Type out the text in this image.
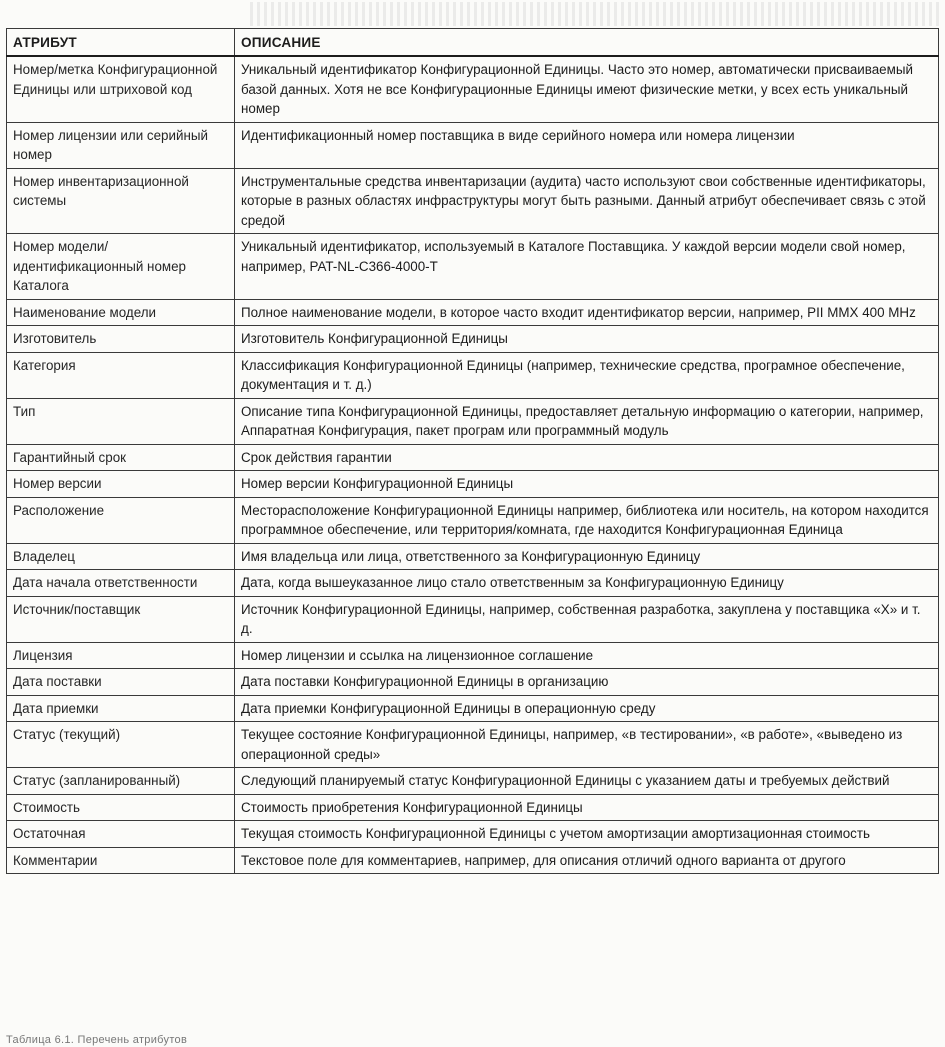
АТРИБУТ	ОПИСАНИЕ
Номер/метка Конфигурационной Единицы или штриховой код	Уникальный идентификатор Конфигурационной Единицы. Часто это номер, автоматически присваиваемый базой данных. Хотя не все Конфигурационные Единицы имеют физические метки, у всех есть уникальный номер
Номер лицензии или серийный номер	Идентификационный номер поставщика в виде серийного номера или номера лицензии
Номер инвентаризационной системы	Инструментальные средства инвентаризации (аудита) часто используют свои собственные идентификаторы, которые в разных областях инфраструктуры могут быть разными. Данный атрибут обеспечивает связь с этой средой
Номер модели/ идентификационный номер Каталога	Уникальный идентификатор, используемый в Каталоге Поставщика. У каждой версии модели свой номер, например, PAT-NL-C366-4000-T
Наименование модели	Полное наименование модели, в которое часто входит идентификатор версии, например, PII MMX 400 MHz
Изготовитель	Изготовитель Конфигурационной Единицы
Категория	Классификация Конфигурационной Единицы (например, технические средства, програмное обеспечение, документация и т. д.)
Тип	Описание типа Конфигурационной Единицы, предоставляет детальную информацию о категории, например, Аппаратная Конфигурация, пакет програм или программный модуль
Гарантийный срок	Срок действия гарантии
Номер версии	Номер версии Конфигурационной Единицы
Расположение	Месторасположение Конфигурационной Единицы например, библиотека или носитель, на котором находится программное обеспечение, или территория/комната, где находится Конфигурационная Единица
Владелец	Имя владельца или лица, ответственного за Конфигурационную Единицу
Дата начала ответственности	Дата, когда вышеуказанное лицо стало ответственным за Конфигурационную Единицу
Источник/поставщик	Источник Конфигурационной Единицы, например, собственная разработка, закуплена у поставщика «Х» и т. д.
Лицензия	Номер лицензии и ссылка на лицензионное соглашение
Дата поставки	Дата поставки Конфигурационной Единицы в организацию
Дата приемки	Дата приемки Конфигурационной Единицы в операционную среду
Статус (текущий)	Текущее состояние Конфигурационной Единицы, например, «в тестировании», «в работе», «выведено из операционной среды»
Статус (запланированный)	Следующий планируемый статус Конфигурационной Единицы с указанием даты и требуемых действий
Стоимость	Стоимость приобретения Конфигурационной Единицы
Остаточная	Текущая стоимость Конфигурационной Единицы с учетом амортизации амортизационная стоимость
Комментарии	Текстовое поле для комментариев, например, для описания отличий одного варианта от другого
Таблица 6.1. Перечень атрибутов
